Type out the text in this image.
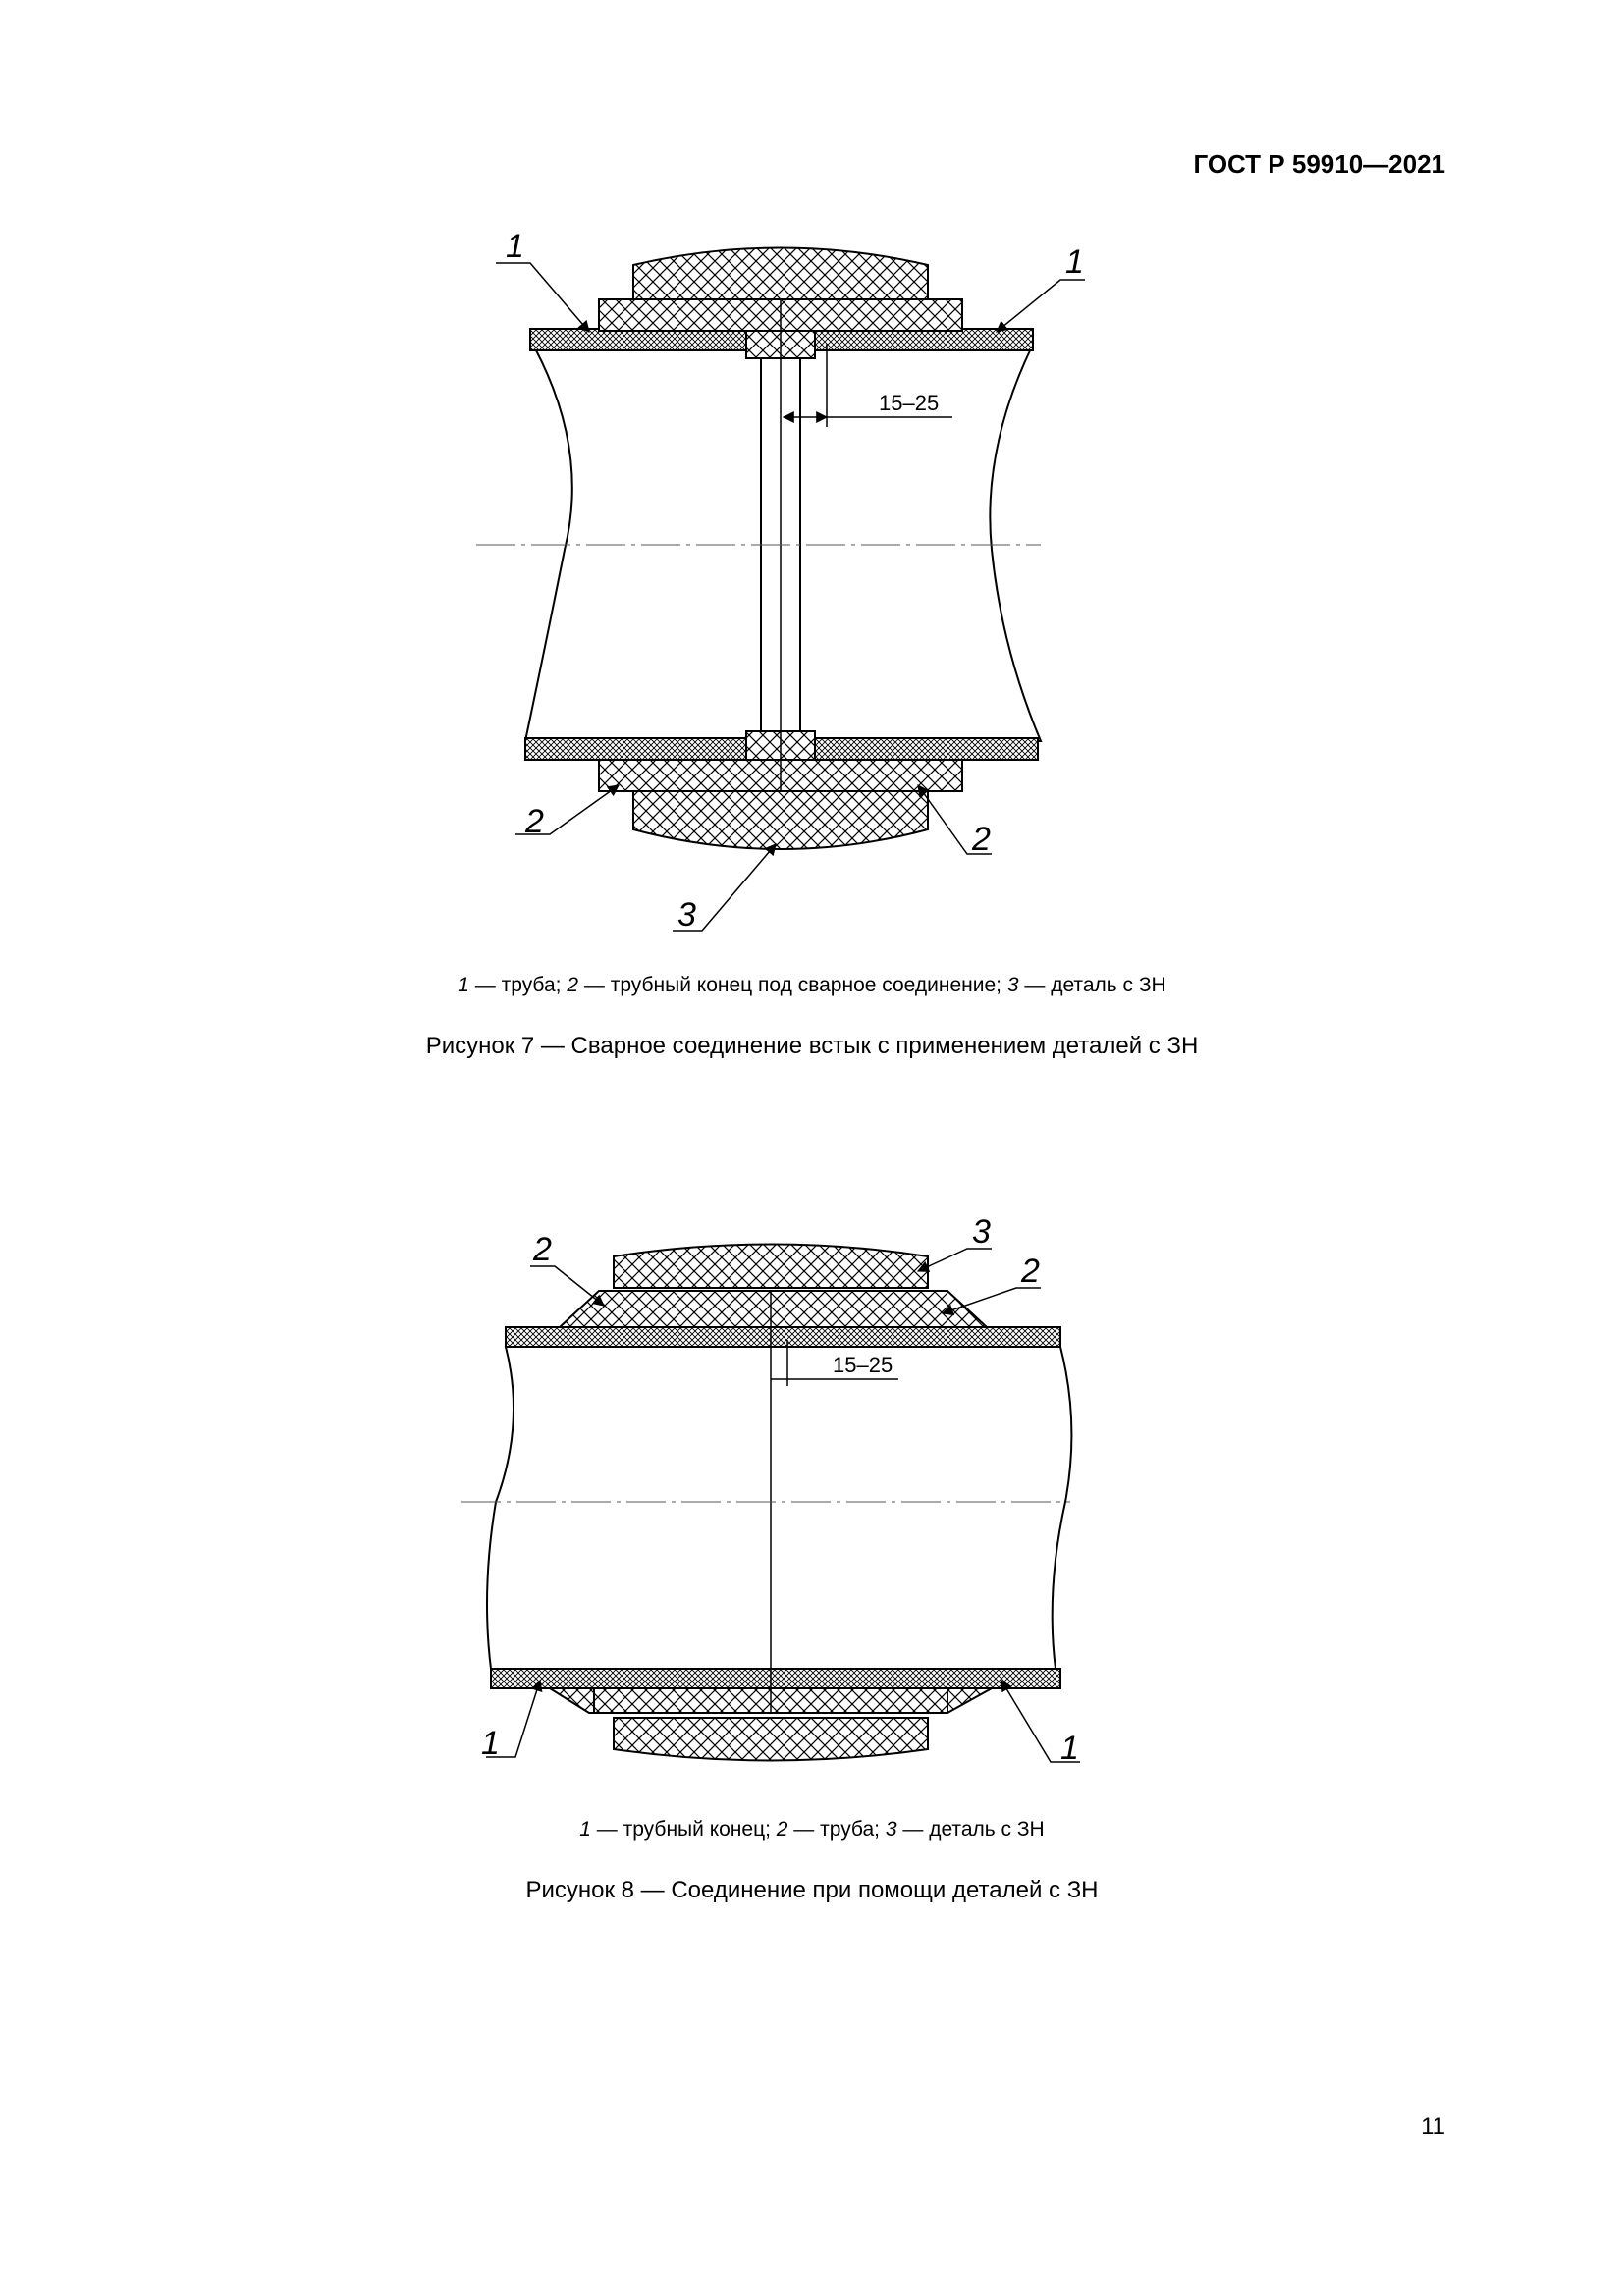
ГОСТ Р 59910—2021
15–25
1	1
2	2
3
1 — труба; 2 — трубный конец под сварное соединение; 3 — деталь с ЗН
Рисунок 7 — Сварное соединение встык с применением деталей с ЗН
15–25
2	3
2
1	1
1 — трубный конец; 2 — труба; 3 — деталь с ЗН
Рисунок 8 — Соединение при помощи деталей с ЗН
11
